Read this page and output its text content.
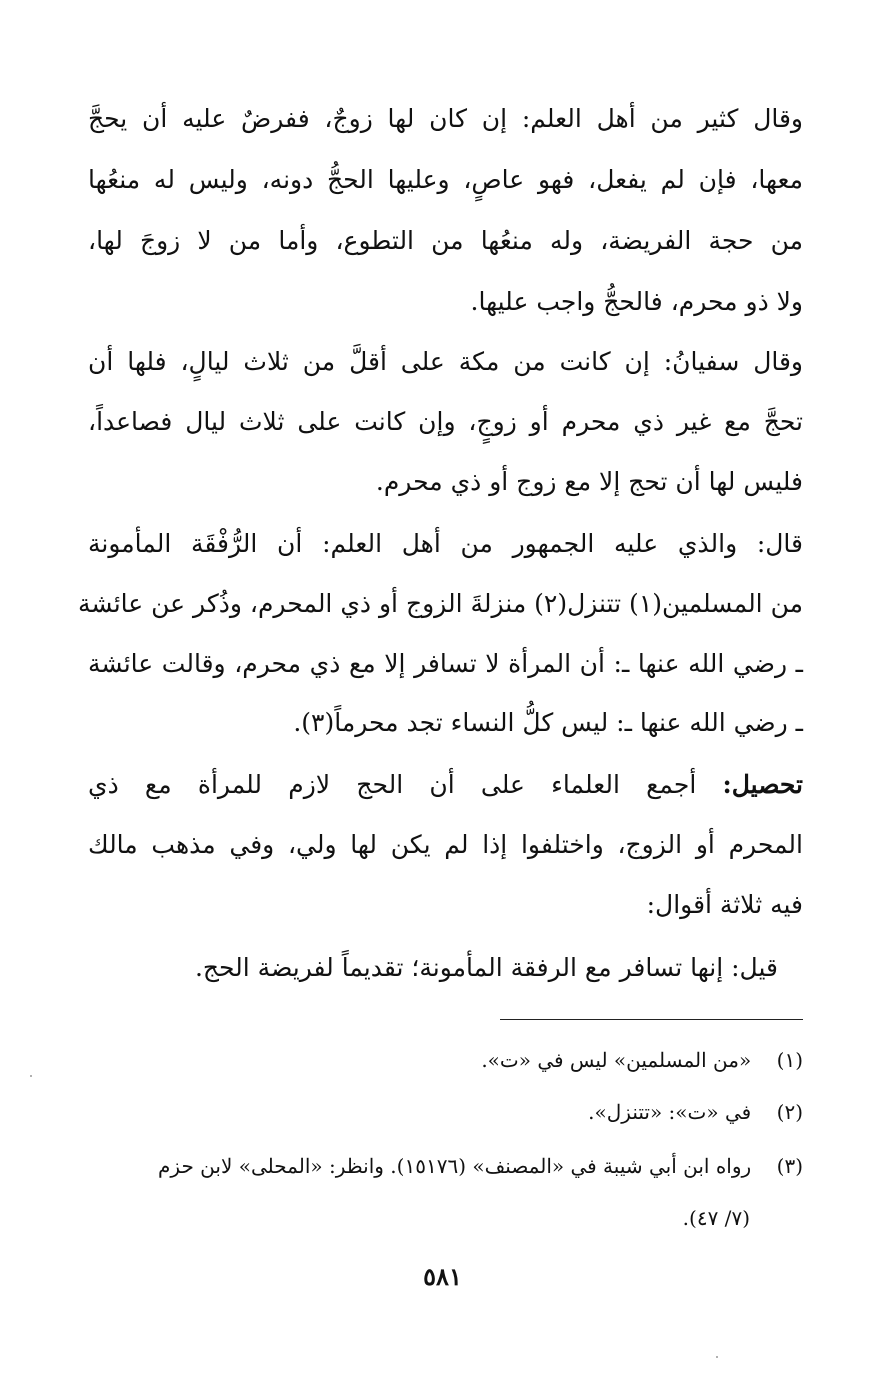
وقال كثير من أهل العلم: إن كان لها زوجٌ، ففرضٌ عليه أن يحجَّ
معها، فإن لم يفعل، فهو عاصٍ، وعليها الحجُّ دونه، وليس له منعُها
من حجة الفريضة، وله منعُها من التطوع، وأما من لا زوجَ لها،
ولا ذو محرم، فالحجُّ واجب عليها.
وقال سفيانُ: إن كانت من مكة على أقلَّ من ثلاث ليالٍ، فلها أن
تحجَّ مع غير ذي محرم أو زوجٍ، وإن كانت على ثلاث ليال فصاعداً،
فليس لها أن تحج إلا مع زوج أو ذي محرم.
قال: والذي عليه الجمهور من أهل العلم: أن الرُّفْقَة المأمونة
من المسلمين(١) تتنزل(٢) منزلةَ الزوج أو ذي المحرم، وذُكر عن عائشة
ـ رضي الله عنها ـ: أن المرأة لا تسافر إلا مع ذي محرم، وقالت عائشة
ـ رضي الله عنها ـ: ليس كلُّ النساء تجد محرماً(٣).
تحصيل: أجمع العلماء على أن الحج لازم للمرأة مع ذي
المحرم أو الزوج، واختلفوا إذا لم يكن لها ولي، وفي مذهب مالك
فيه ثلاثة أقوال:
قيل: إنها تسافر مع الرفقة المأمونة؛ تقديماً لفريضة الحج.
(١)    «من المسلمين» ليس في «ت».
(٢)    في «ت»: «تتنزل».
(٣)    رواه ابن أبي شيبة في «المصنف» (١٥١٧٦). وانظر: «المحلى» لابن حزم
(٧/ ٤٧).
٥٨١
